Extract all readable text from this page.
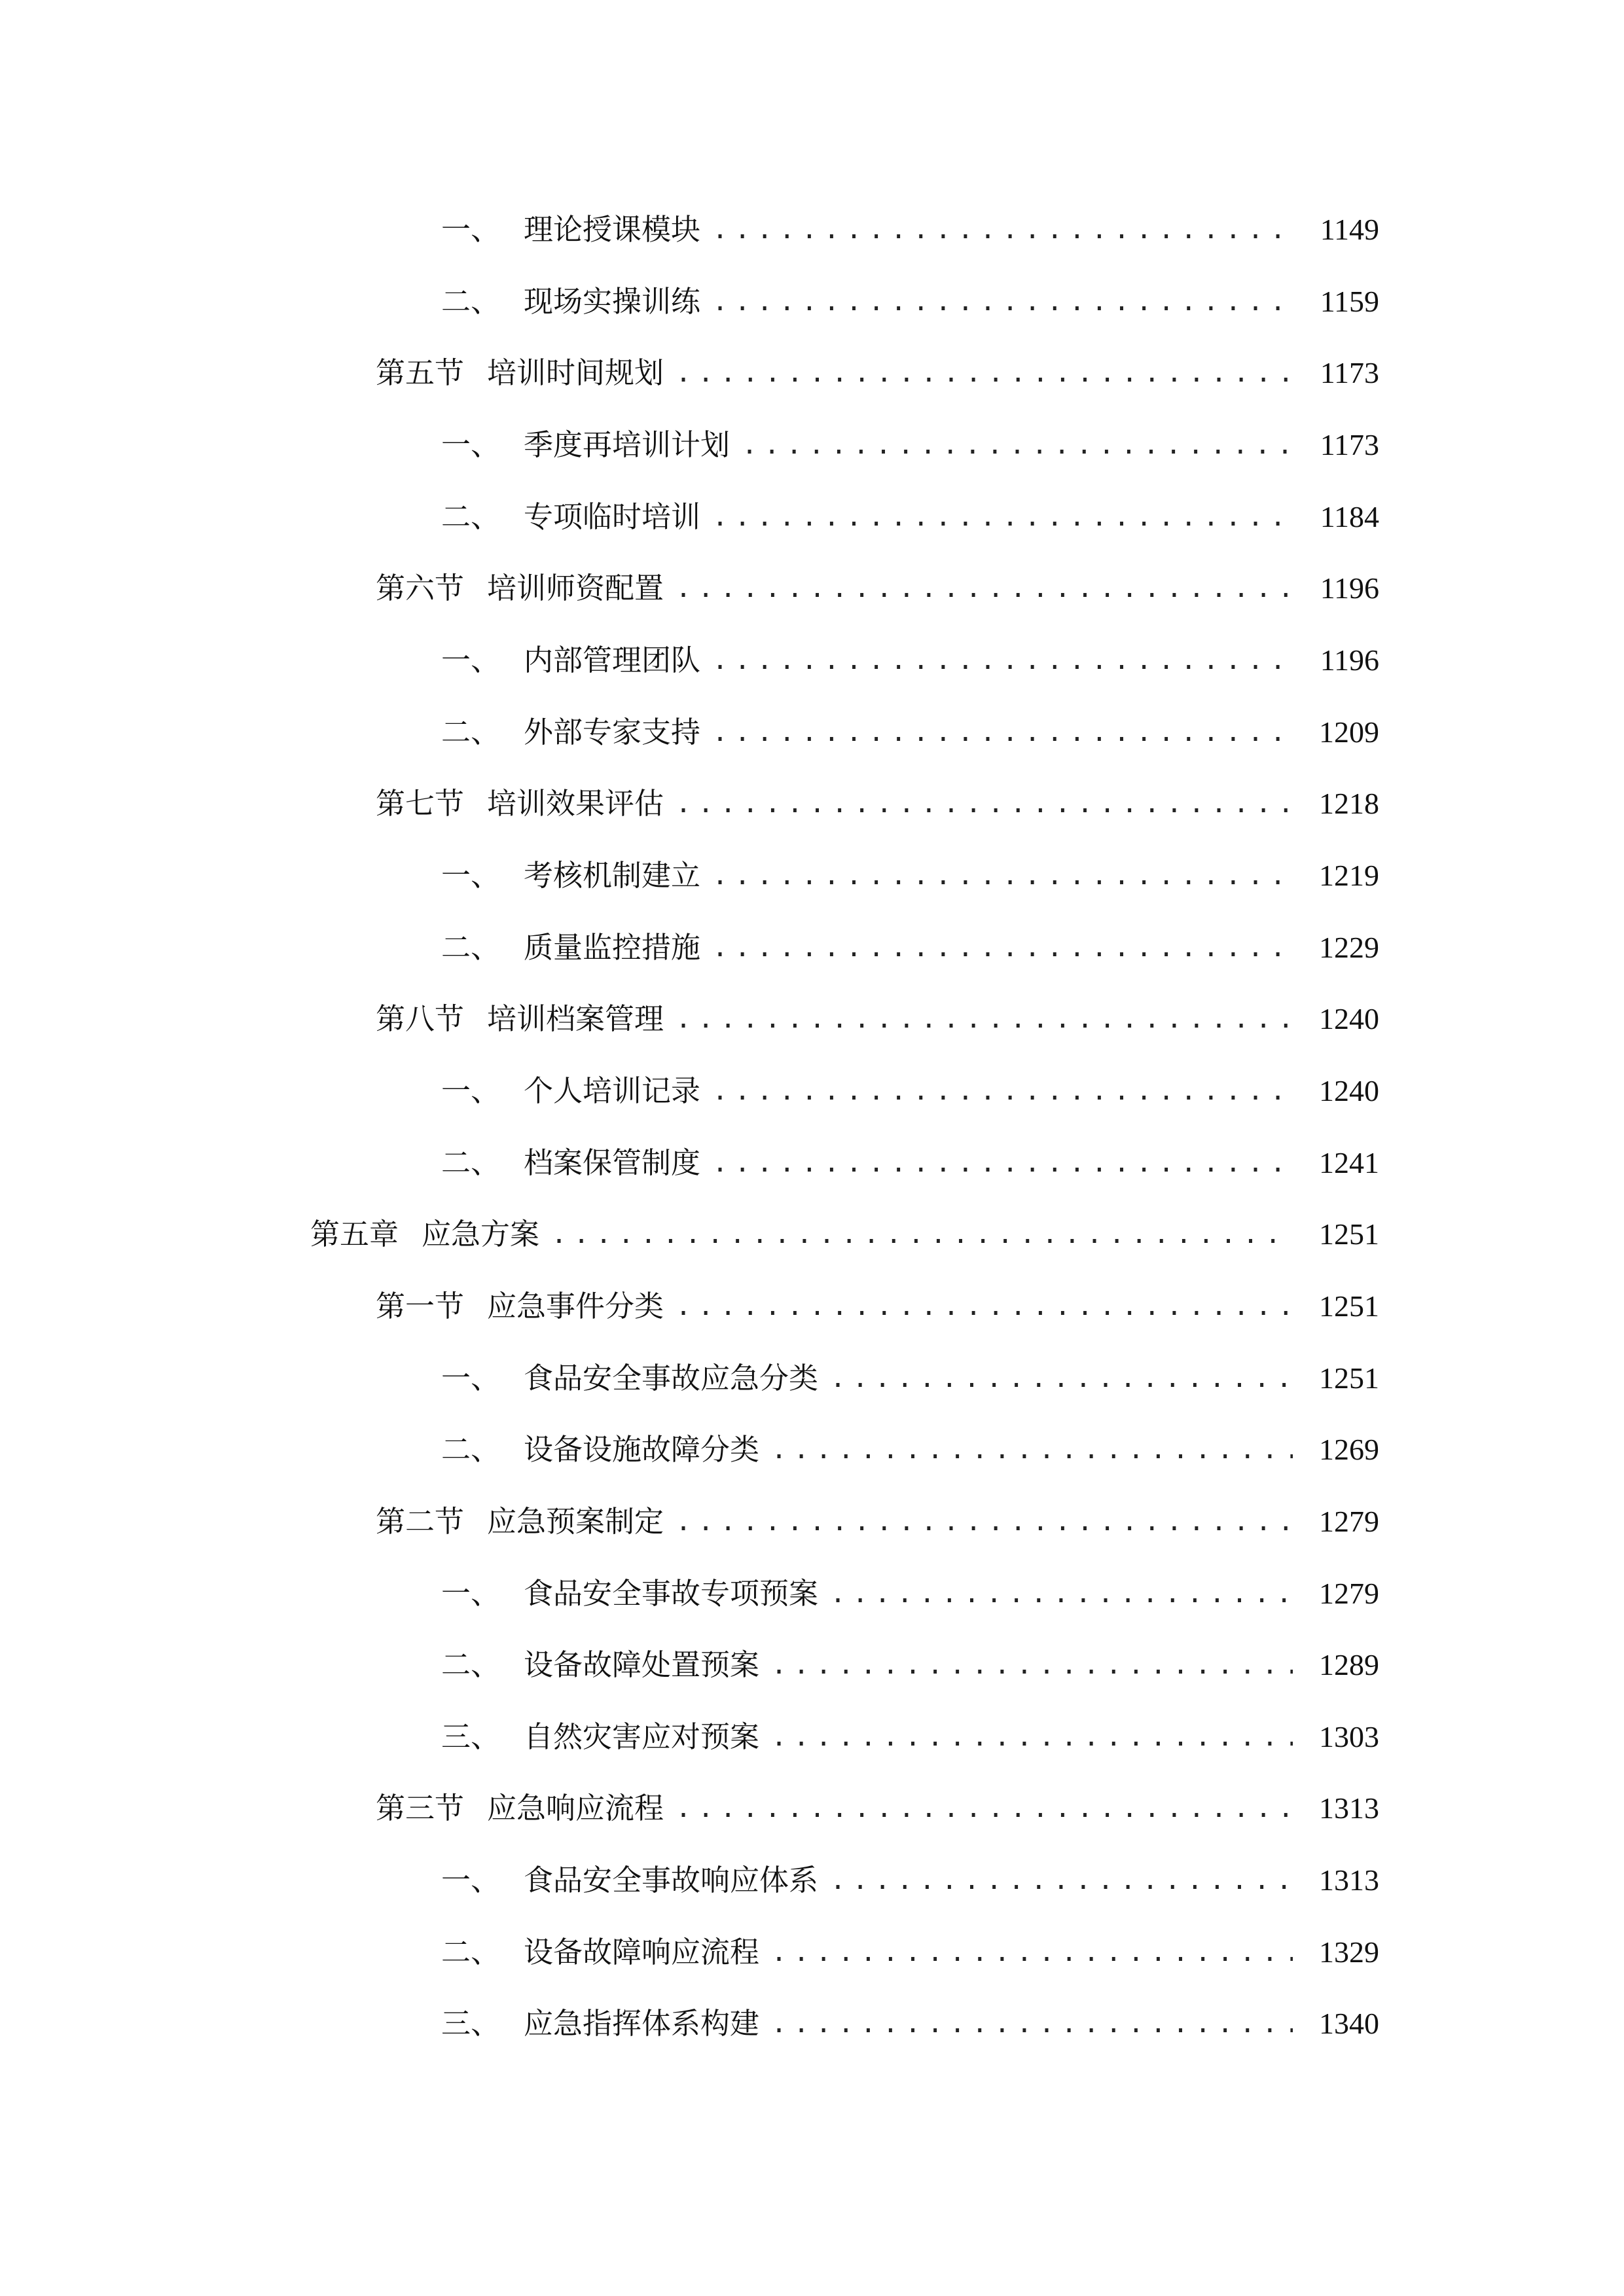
一、 理论授课模块 .....	1149
二、 现场实操训练 .....	1159
第五节 培训时间规划 .....	1173
一、 季度再培训计划 .....	1173
二、 专项临时培训 .....	1184
第六节 培训师资配置 .....	1196
一、 内部管理团队 .....	1196
二、 外部专家支持 .....	1209
第七节 培训效果评估 .....	1218
一、 考核机制建立 .....	1219
二、 质量监控措施 .....	1229
第八节 培训档案管理 .....	1240
一、 个人培训记录 .....	1240
二、 档案保管制度 .....	1241
第五章 应急方案 .....	1251
第一节 应急事件分类 .....	1251
一、 食品安全事故应急分类 .....	1251
二、 设备设施故障分类 .....	1269
第二节 应急预案制定 .....	1279
一、 食品安全事故专项预案 .....	1279
二、 设备故障处置预案 .....	1289
三、 自然灾害应对预案 .....	1303
第三节 应急响应流程 .....	1313
一、 食品安全事故响应体系 .....	1313
二、 设备故障响应流程 .....	1329
三、 应急指挥体系构建 .....	1340
